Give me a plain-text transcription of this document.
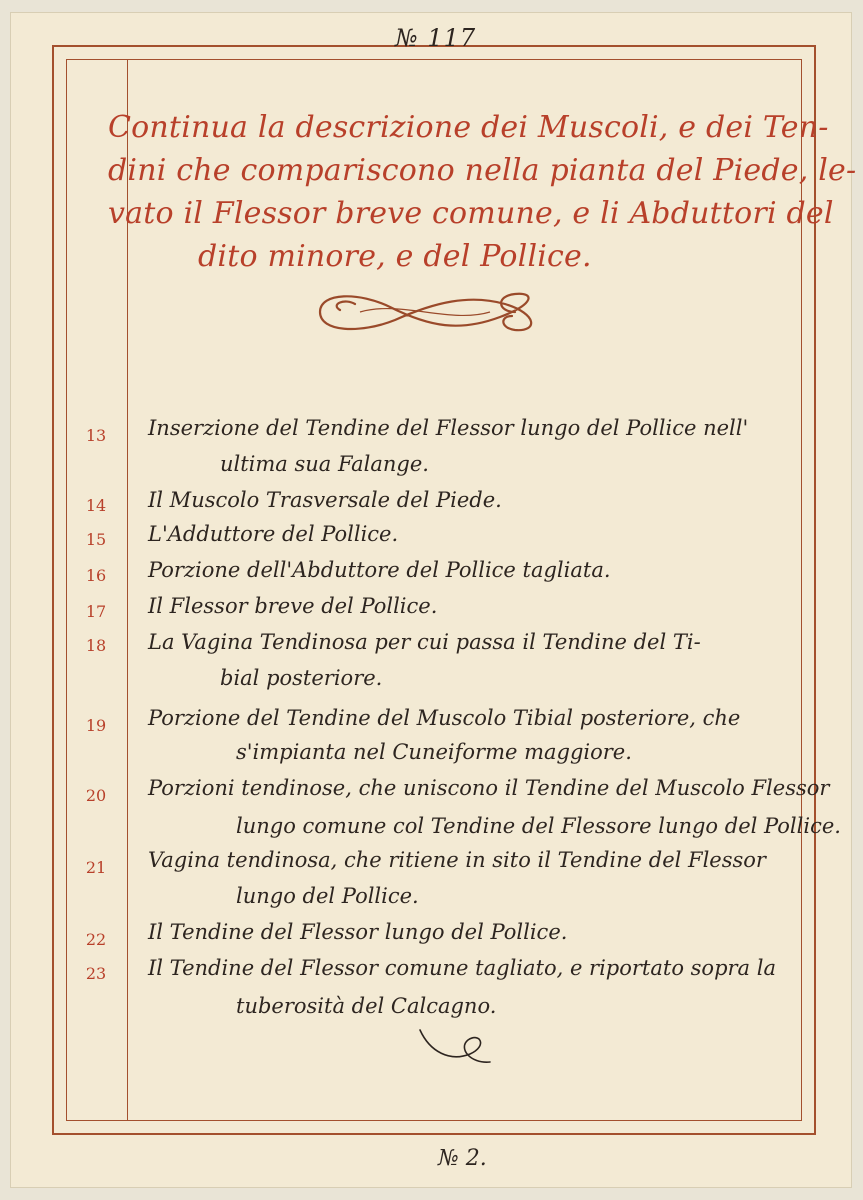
№ 117
Continua la descrizione dei Muscoli, e dei Ten-
dini che compariscono nella pianta del Piede, le-
vato il Flessor breve comune, e li Abduttori del
dito minore, e del Pollice.
13	Inserzione del Tendine del Flessor lungo del Pollice nell'
ultima sua Falange.
14	Il Muscolo Trasversale del Piede.
15	L'Adduttore del Pollice.
16	Porzione dell'Abduttore del Pollice tagliata.
17	Il Flessor breve del Pollice.
18	La Vagina Tendinosa per cui passa il Tendine del Ti-
bial posteriore.
19	Porzione del Tendine del Muscolo Tibial posteriore, che
s'impianta nel Cuneiforme maggiore.
20	Porzioni tendinose, che uniscono il Tendine del Muscolo Flessor
lungo comune col Tendine del Flessore lungo del Pollice.
21	Vagina tendinosa, che ritiene in sito il Tendine del Flessor
lungo del Pollice.
22	Il Tendine del Flessor lungo del Pollice.
23	Il Tendine del Flessor comune tagliato, e riportato sopra la
tuberosità del Calcagno.
№ 2.
